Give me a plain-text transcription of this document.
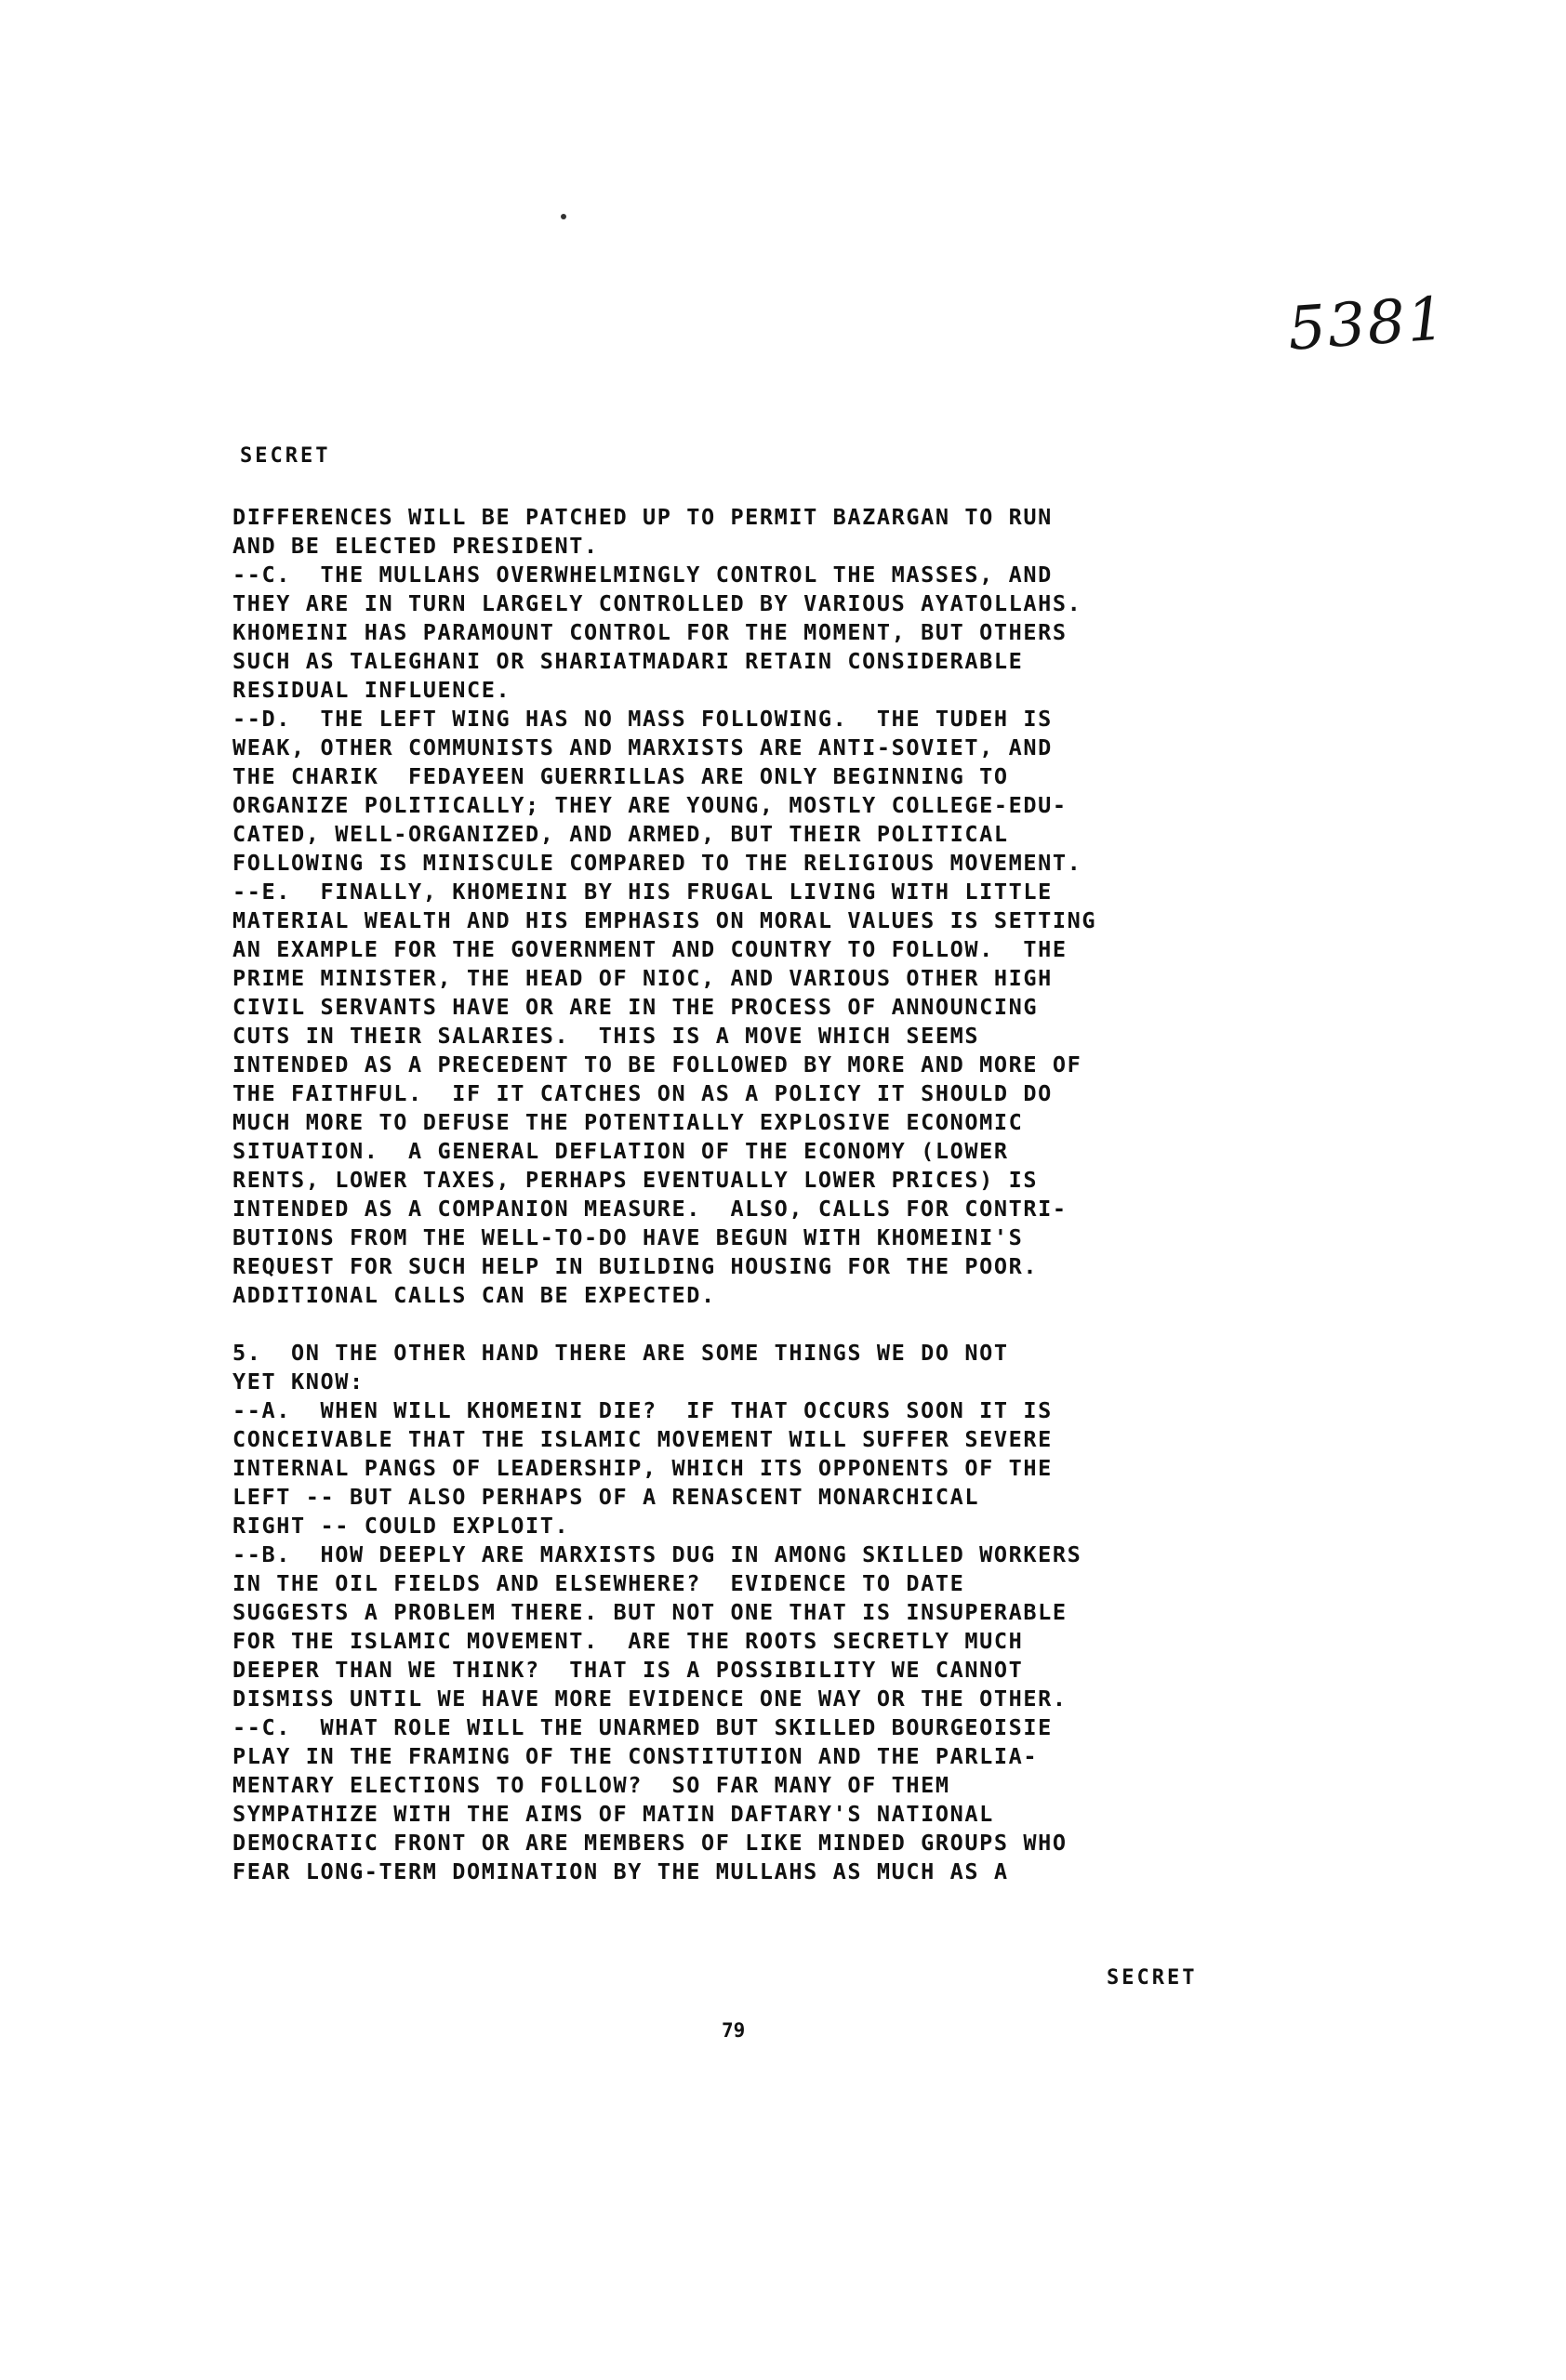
5381
SECRET
DIFFERENCES WILL BE PATCHED UP TO PERMIT BAZARGAN TO RUN
AND BE ELECTED PRESIDENT.
--C.  THE MULLAHS OVERWHELMINGLY CONTROL THE MASSES, AND
THEY ARE IN TURN LARGELY CONTROLLED BY VARIOUS AYATOLLAHS.
KHOMEINI HAS PARAMOUNT CONTROL FOR THE MOMENT, BUT OTHERS
SUCH AS TALEGHANI OR SHARIATMADARI RETAIN CONSIDERABLE
RESIDUAL INFLUENCE.
--D.  THE LEFT WING HAS NO MASS FOLLOWING.  THE TUDEH IS
WEAK, OTHER COMMUNISTS AND MARXISTS ARE ANTI-SOVIET, AND
THE CHARIK  FEDAYEEN GUERRILLAS ARE ONLY BEGINNING TO
ORGANIZE POLITICALLY; THEY ARE YOUNG, MOSTLY COLLEGE-EDU-
CATED, WELL-ORGANIZED, AND ARMED, BUT THEIR POLITICAL
FOLLOWING IS MINISCULE COMPARED TO THE RELIGIOUS MOVEMENT.
--E.  FINALLY, KHOMEINI BY HIS FRUGAL LIVING WITH LITTLE
MATERIAL WEALTH AND HIS EMPHASIS ON MORAL VALUES IS SETTING
AN EXAMPLE FOR THE GOVERNMENT AND COUNTRY TO FOLLOW.  THE
PRIME MINISTER, THE HEAD OF NIOC, AND VARIOUS OTHER HIGH
CIVIL SERVANTS HAVE OR ARE IN THE PROCESS OF ANNOUNCING
CUTS IN THEIR SALARIES.  THIS IS A MOVE WHICH SEEMS
INTENDED AS A PRECEDENT TO BE FOLLOWED BY MORE AND MORE OF
THE FAITHFUL.  IF IT CATCHES ON AS A POLICY IT SHOULD DO
MUCH MORE TO DEFUSE THE POTENTIALLY EXPLOSIVE ECONOMIC
SITUATION.  A GENERAL DEFLATION OF THE ECONOMY (LOWER
RENTS, LOWER TAXES, PERHAPS EVENTUALLY LOWER PRICES) IS
INTENDED AS A COMPANION MEASURE.  ALSO, CALLS FOR CONTRI-
BUTIONS FROM THE WELL-TO-DO HAVE BEGUN WITH KHOMEINI'S
REQUEST FOR SUCH HELP IN BUILDING HOUSING FOR THE POOR.
ADDITIONAL CALLS CAN BE EXPECTED.
5.  ON THE OTHER HAND THERE ARE SOME THINGS WE DO NOT
YET KNOW:
--A.  WHEN WILL KHOMEINI DIE?  IF THAT OCCURS SOON IT IS
CONCEIVABLE THAT THE ISLAMIC MOVEMENT WILL SUFFER SEVERE
INTERNAL PANGS OF LEADERSHIP, WHICH ITS OPPONENTS OF THE
LEFT -- BUT ALSO PERHAPS OF A RENASCENT MONARCHICAL
RIGHT -- COULD EXPLOIT.
--B.  HOW DEEPLY ARE MARXISTS DUG IN AMONG SKILLED WORKERS
IN THE OIL FIELDS AND ELSEWHERE?  EVIDENCE TO DATE
SUGGESTS A PROBLEM THERE. BUT NOT ONE THAT IS INSUPERABLE
FOR THE ISLAMIC MOVEMENT.  ARE THE ROOTS SECRETLY MUCH
DEEPER THAN WE THINK?  THAT IS A POSSIBILITY WE CANNOT
DISMISS UNTIL WE HAVE MORE EVIDENCE ONE WAY OR THE OTHER.
--C.  WHAT ROLE WILL THE UNARMED BUT SKILLED BOURGEOISIE
PLAY IN THE FRAMING OF THE CONSTITUTION AND THE PARLIA-
MENTARY ELECTIONS TO FOLLOW?  SO FAR MANY OF THEM
SYMPATHIZE WITH THE AIMS OF MATIN DAFTARY'S NATIONAL
DEMOCRATIC FRONT OR ARE MEMBERS OF LIKE MINDED GROUPS WHO
FEAR LONG-TERM DOMINATION BY THE MULLAHS AS MUCH AS A
SECRET
79
